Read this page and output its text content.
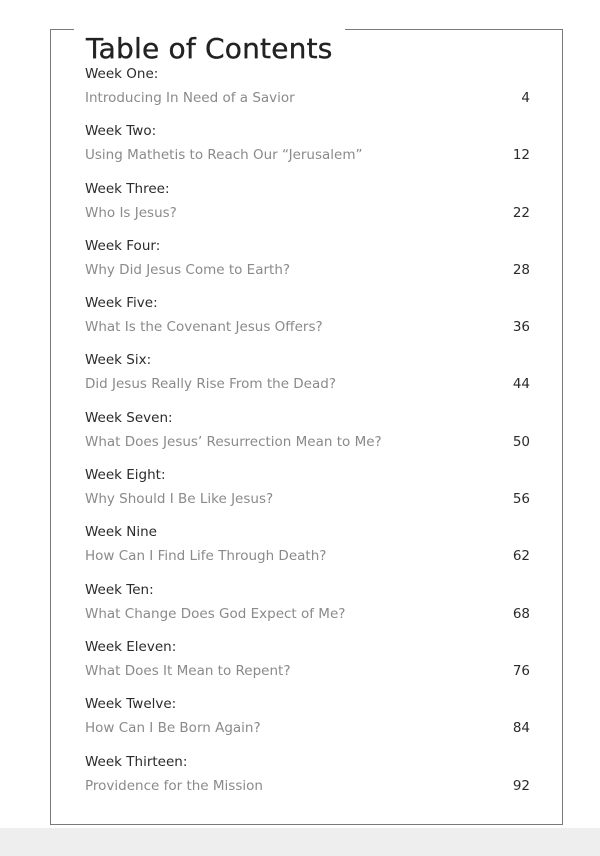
Table of Contents
Week One:
Introducing In Need of a Savior	4
Week Two:
Using Mathetis to Reach Our “Jerusalem”	12
Week Three:
Who Is Jesus?	22
Week Four:
Why Did Jesus Come to Earth?	28
Week Five:
What Is the Covenant Jesus Offers?	36
Week Six:
Did Jesus Really Rise From the Dead?	44
Week Seven:
What Does Jesus’ Resurrection Mean to Me?	50
Week Eight:
Why Should I Be Like Jesus?	56
Week Nine
How Can I Find Life Through Death?	62
Week Ten:
What Change Does God Expect of Me?	68
Week Eleven:
What Does It Mean to Repent?	76
Week Twelve:
How Can I Be Born Again?	84
Week Thirteen:
Providence for the Mission	92
